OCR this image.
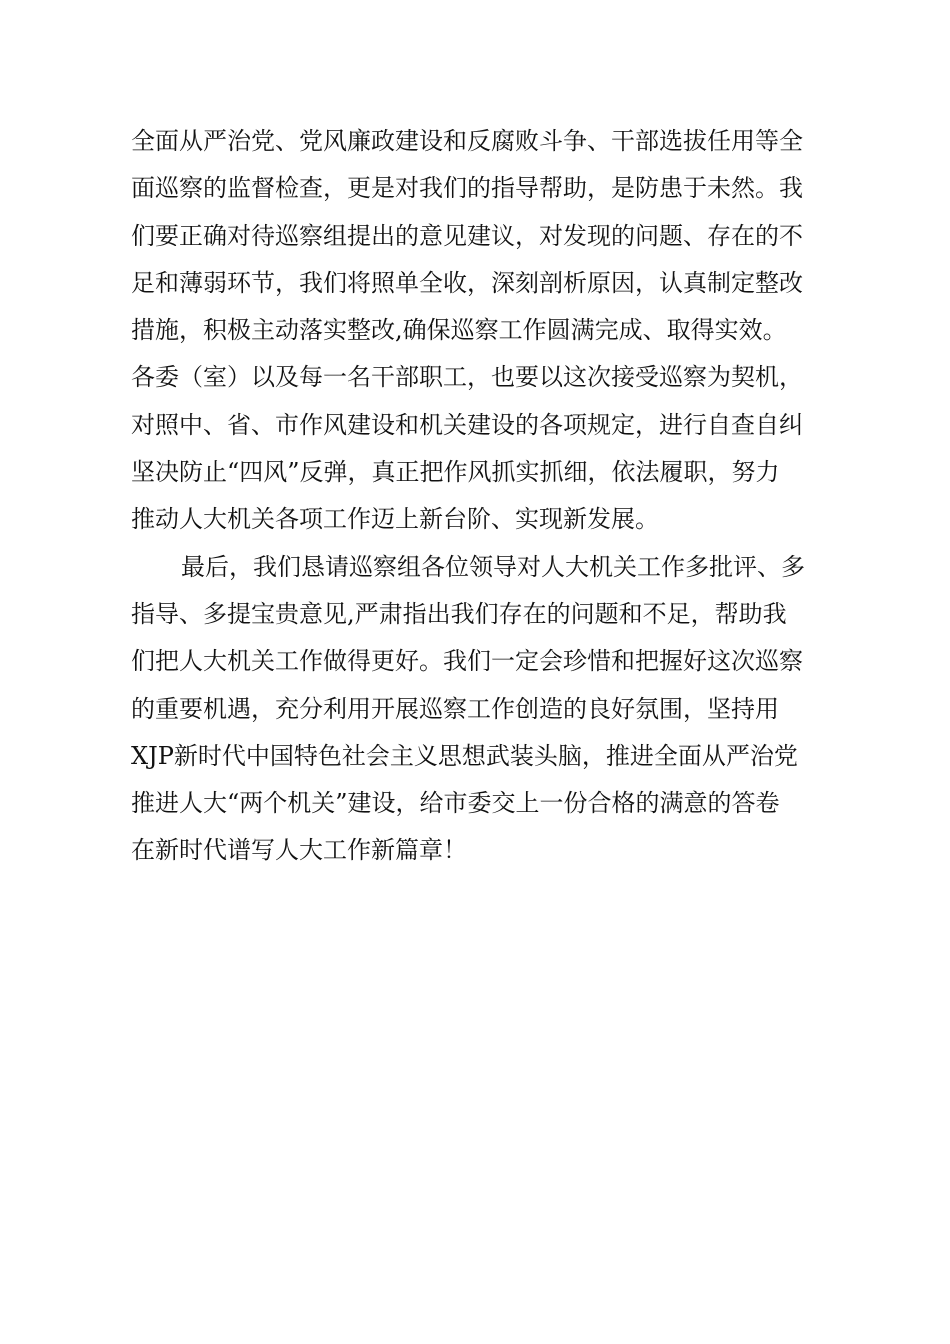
全面从严治党、党风廉政建设和反腐败斗争、干部选拔任用等全
面巡察的监督检查，更是对我们的指导帮助，是防患于未然。我
们要正确对待巡察组提出的意见建议，对发现的问题、存在的不
足和薄弱环节，我们将照单全收，深刻剖析原因，认真制定整改
措施，积极主动落实整改,确保巡察工作圆满完成、取得实效。
各委（室）以及每一名干部职工，也要以这次接受巡察为契机，
对照中、省、市作风建设和机关建设的各项规定，进行自查自纠
坚决防止“四风”反弹，真正把作风抓实抓细，依法履职，努力
推动人大机关各项工作迈上新台阶、实现新发展。
最后，我们恳请巡察组各位领导对人大机关工作多批评、多
指导、多提宝贵意见,严肃指出我们存在的问题和不足，帮助我
们把人大机关工作做得更好。我们一定会珍惜和把握好这次巡察
的重要机遇，充分利用开展巡察工作创造的良好氛围，坚持用
XJP新时代中国特色社会主义思想武装头脑，推进全面从严治党
推进人大“两个机关”建设，给市委交上一份合格的满意的答卷
在新时代谱写人大工作新篇章！
